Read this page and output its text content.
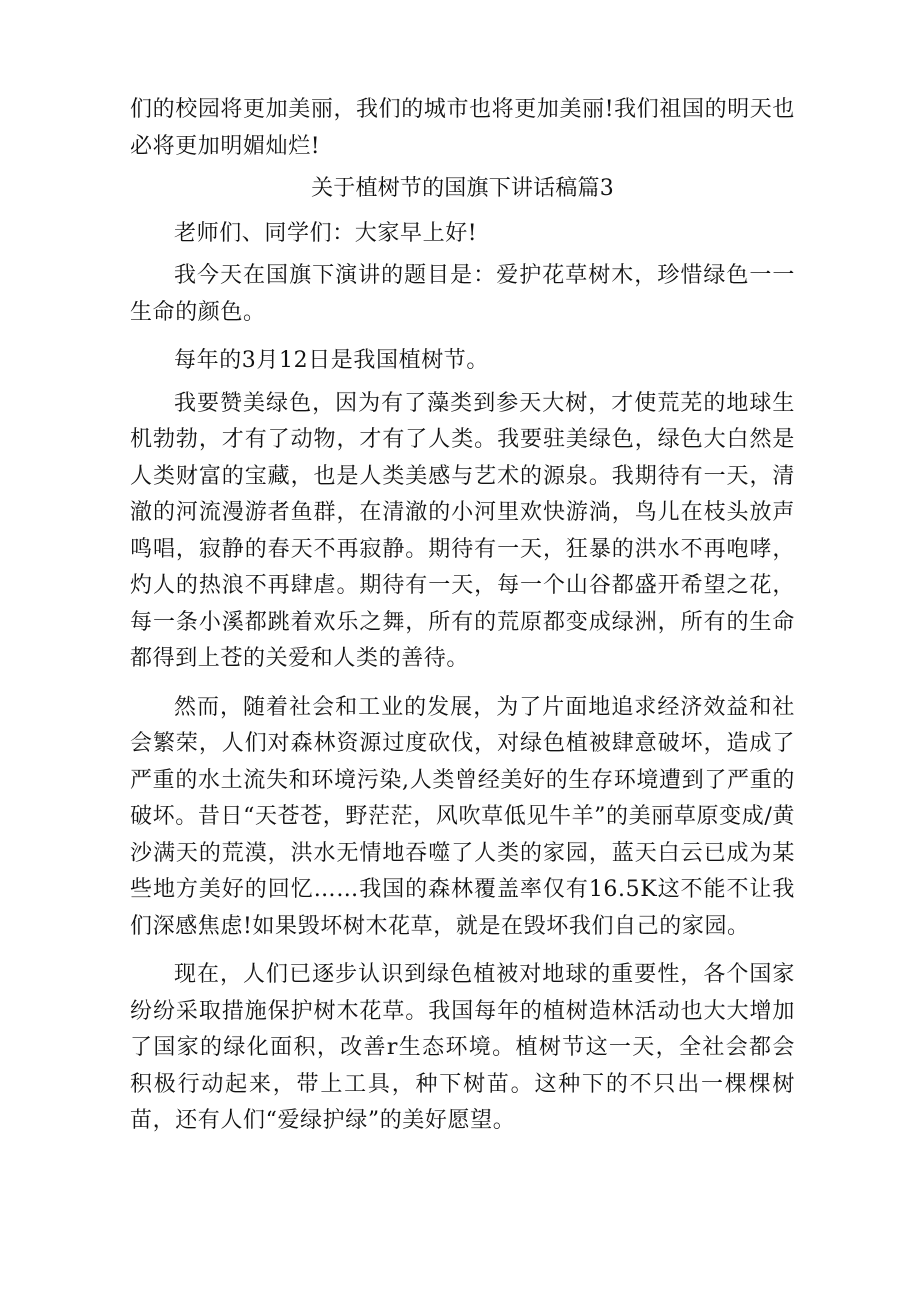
们的校园将更加美丽，我们的城市也将更加美丽!我们祖国的明天也必将更加明媚灿烂!

关于植树节的国旗下讲话稿篇3

老师们、同学们：大家早上好!

我今天在国旗下演讲的题目是：爱护花草树木，珍惜绿色一一生命的颜色。

每年的3月12日是我国植树节。

我要赞美绿色，因为有了藻类到参天大树，才使荒芜的地球生机勃勃，才有了动物，才有了人类。我要驻美绿色，绿色大白然是人类财富的宝藏，也是人类美感与艺术的源泉。我期待有一天，清澈的河流漫游者鱼群，在清澈的小河里欢快游淌，鸟儿在枝头放声鸣唱，寂静的春天不再寂静。期待有一天，狂暴的洪水不再咆哮，灼人的热浪不再肆虐。期待有一天，每一个山谷都盛开希望之花，每一条小溪都跳着欢乐之舞，所有的荒原都变成绿洲，所有的生命都得到上苍的关爱和人类的善待。

然而，随着社会和工业的发展，为了片面地追求经济效益和社会繁荣，人们对森林资源过度砍伐，对绿色植被肆意破坏，造成了严重的水土流失和环境污染,人类曾经美好的生存环境遭到了严重的破坏。昔日“天苍苍，野茫茫，风吹草低见牛羊”的美丽草原变成/黄沙满天的荒漠，洪水无情地吞噬了人类的家园，蓝天白云已成为某些地方美好的回忆……我国的森林覆盖率仅有16.5K这不能不让我们深感焦虑!如果毁坏树木花草，就是在毁坏我们自己的家园。

现在，人们已逐步认识到绿色植被对地球的重要性，各个国家纷纷采取措施保护树木花草。我国每年的植树造林活动也大大增加了国家的绿化面积，改善r生态环境。植树节这一天，全社会都会积极行动起来，带上工具，种下树苗。这种下的不只出一棵棵树苗，还有人们“爱绿护绿”的美好愿望。
